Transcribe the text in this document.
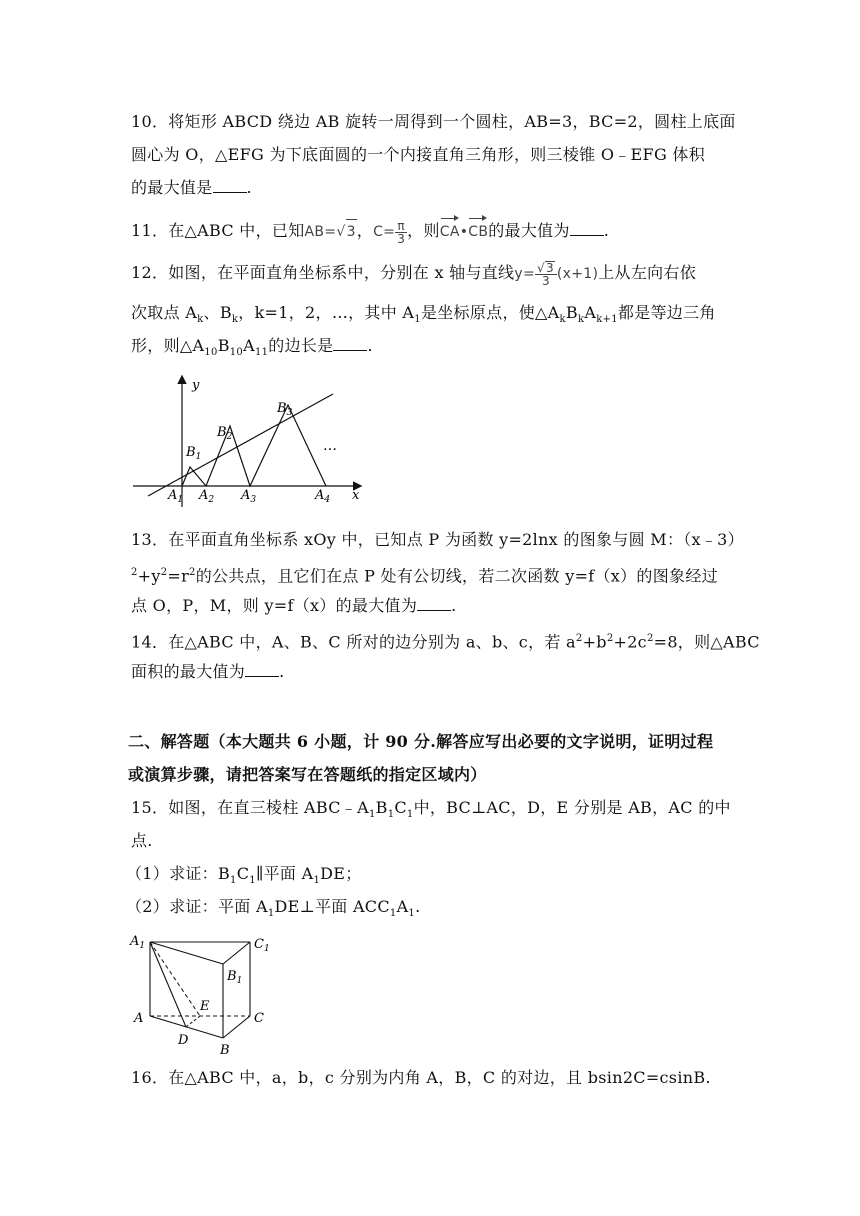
10．将矩形 ABCD 绕边 AB 旋转一周得到一个圆柱，AB=3，BC=2，圆柱上底面
圆心为 O，△EFG 为下底面圆的一个内接直角三角形，则三棱锥 O﹣EFG 体积
的最大值是 .
11．在△ABC 中，已知AB=√3，$C= \frac{\pi}{3}$ ，则CA•CB的最大值为 .
12．如图，在平面直角坐标系中，分别在 x 轴与直线$y= \frac{√3}{3} (x+1)$上从左向右依
次取点 $A_k$、$B_k$，k=1，2，…，其中 $A_1$是坐标原点，使$\triangle A_kB_kA_{k+1}$都是等边三角
形，则$\triangle A_{10}B_{10}A_{11}$的边长是 .
y
x
$A_1$ $A_2$ $A_3$	$A_4$
$B_1$
$B_2$
$B_3$
…
13．在平面直角坐标系 xOy 中，已知点 P 为函数 y=2lnx 的图象与圆 M：（x﹣3）
$^2+y^2=r^2$的公共点，且它们在点 P 处有公切线，若二次函数 y=f（x）的图象经过
点 O，P，M，则 y=f（x）的最大值为 .
14．在△ABC 中，A、B、C 所对的边分别为 a、b、c，若 $a^2+b^2+2c^2=8$，则△ABC
面积的最大值为 .
二、解答题（本大题共 6 小题，计 90 分.解答应写出必要的文字说明，证明过程
或演算步骤，请把答案写在答题纸的指定区域内）
15．如图，在直三棱柱 $ABC﹣A_1B_1C_1$中，BC⊥AC，D，E 分别是 AB，AC 的中
点.
（1）求证：$B_1C_1\parallel$平面 $A_1DE$；
（2）求证：平面 $A_1DE\perp$平面 $ACC_1A_1$.
$A_1$	$C_1$
$B_1$
A	C
B
D
E
16．在△ABC 中，a，b，c 分别为内角 A，B，C 的对边，且 bsin2C=csinB.
